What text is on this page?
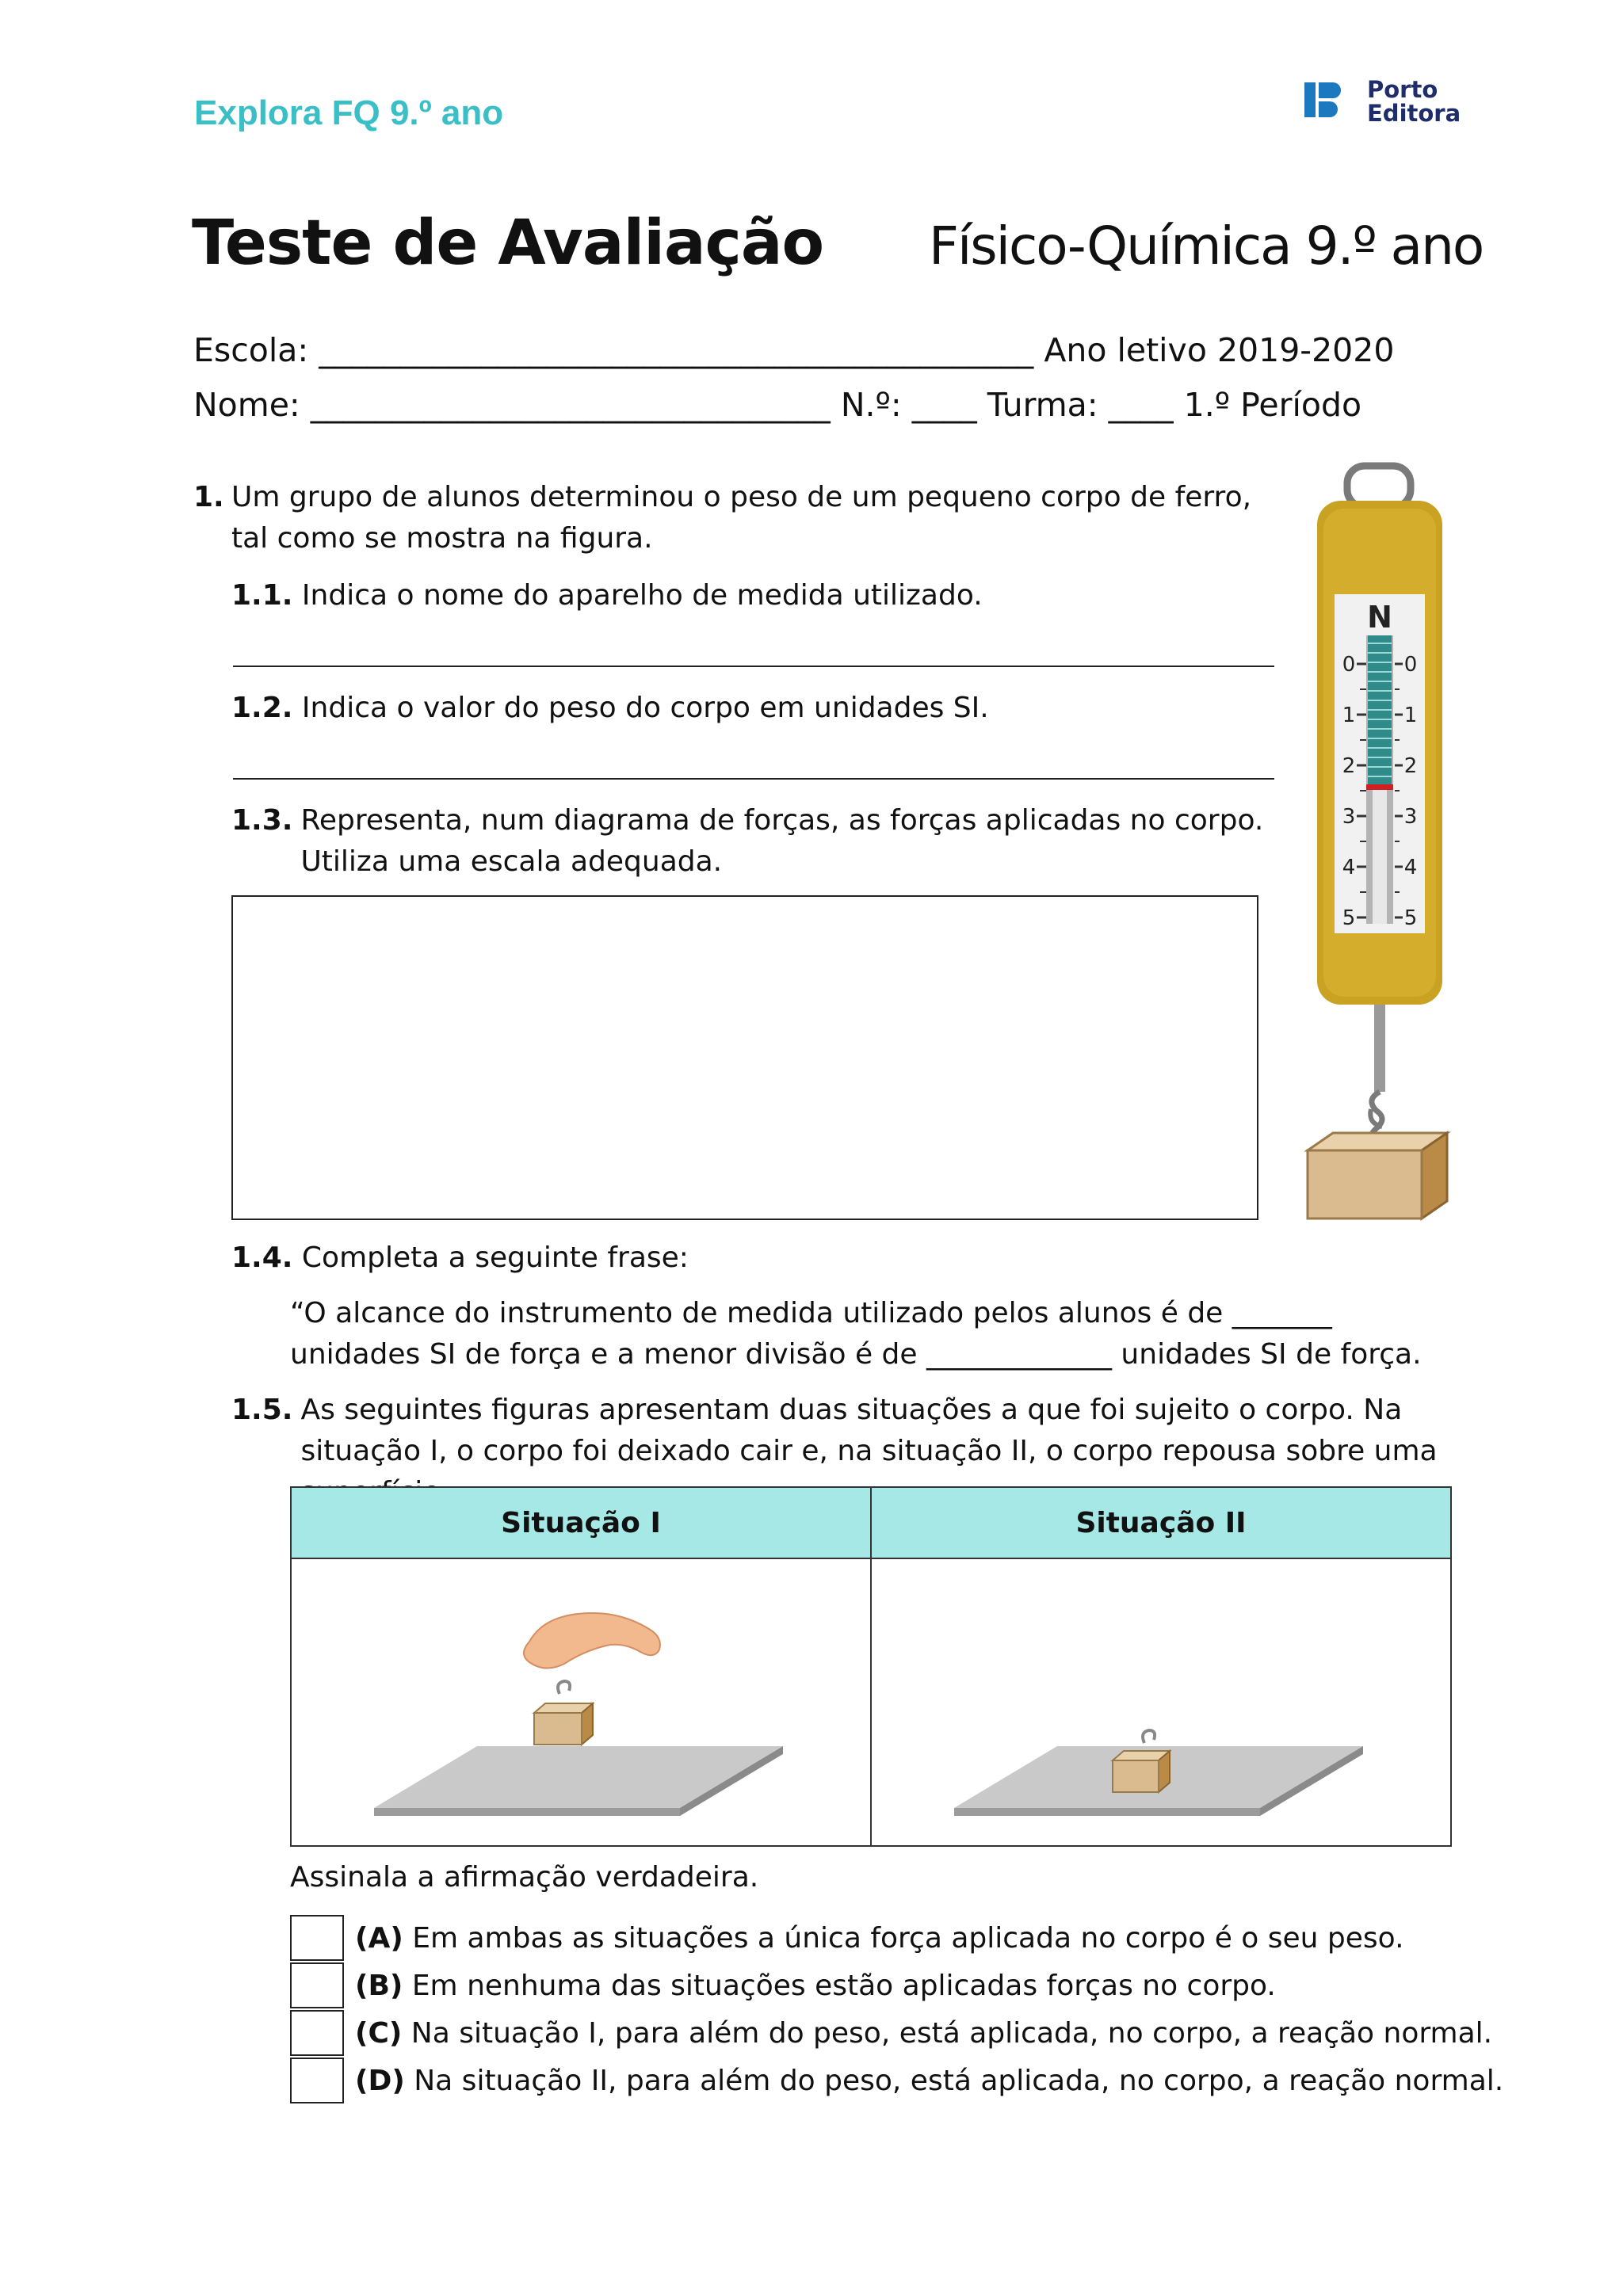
Explora FQ 9.º ano
Porto
Editora
Teste de Avaliação Físico-Química 9.º ano
Escola: ____________________________________________ Ano letivo 2019-2020
Nome: ________________________________ N.º: ____ Turma: ____ 1.º Período
1. Um grupo de alunos determinou o peso de um pequeno corpo de ferro, tal como se mostra na figura.
1.1. Indica o nome do aparelho de medida utilizado.
1.2. Indica o valor do peso do corpo em unidades SI.
1.3. Representa, num diagrama de forças, as forças aplicadas no corpo. Utiliza uma escala adequada.
1.4. Completa a seguinte frase:
“O alcance do instrumento de medida utilizado pelos alunos é de _______ unidades SI de força e a menor divisão é de _____________ unidades SI de força.
1.5. As seguintes figuras apresentam duas situações a que foi sujeito o corpo. Na situação I, o corpo foi deixado cair e, na situação II, o corpo repousa sobre uma
N
0 0
1 1
2 2
3 3
4 4
5 5
Situação I	Situação II

Assinala a afirmação verdadeira.
(A) Em ambas as situações a única força aplicada no corpo é o seu peso.
(B) Em nenhuma das situações estão aplicadas forças no corpo.
(C) Na situação I, para além do peso, está aplicada, no corpo, a reação normal.
(D) Na situação II, para além do peso, está aplicada, no corpo, a reação normal.
